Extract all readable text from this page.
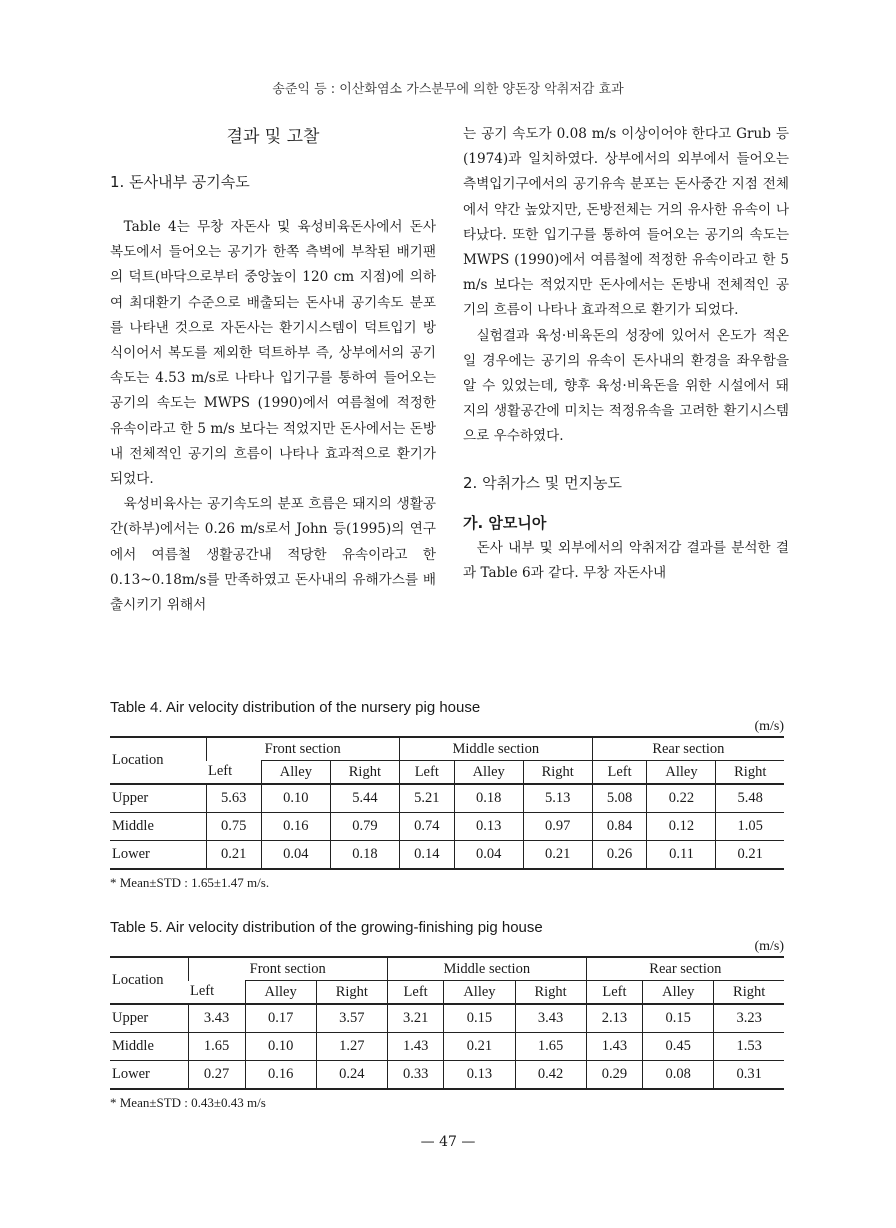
송준익 등 : 이산화염소 가스분무에 의한 양돈장 악취저감 효과
결과 및 고찰
1. 돈사내부 공기속도

Table 4는 무창 자돈사 및 육성비육돈사에서 돈사 복도에서 들어오는 공기가 한쪽 측벽에 부착된 배기팬의 덕트(바닥으로부터 중앙높이 120 cm 지점)에 의하여 최대환기 수준으로 배출되는 돈사내 공기속도 분포를 나타낸 것으로 자돈사는 환기시스템이 덕트입기 방식이어서 복도를 제외한 덕트하부 즉, 상부에서의 공기속도는 4.53 m/s로 나타나 입기구를 통하여 들어오는 공기의 속도는 MWPS (1990)에서 여름철에 적정한 유속이라고 한 5 m/s 보다는 적었지만 돈사에서는 돈방내 전체적인 공기의 흐름이 나타나 효과적으로 환기가 되었다.

육성비육사는 공기속도의 분포 흐름은 돼지의 생활공간(하부)에서는 0.26 m/s로서 John 등(1995)의 연구에서 여름철 생활공간내 적당한 유속이라고 한 0.13~0.18m/s를 만족하였고 돈사내의 유해가스를 배출시키기 위해서

는 공기 속도가 0.08 m/s 이상이어야 한다고 Grub 등 (1974)과 일치하였다. 상부에서의 외부에서 들어오는 측벽입기구에서의 공기유속 분포는 돈사중간 지점 전체에서 약간 높았지만, 돈방전체는 거의 유사한 유속이 나타났다. 또한 입기구를 통하여 들어오는 공기의 속도는 MWPS (1990)에서 여름철에 적정한 유속이라고 한 5 m/s 보다는 적었지만 돈사에서는 돈방내 전체적인 공기의 흐름이 나타나 효과적으로 환기가 되었다.

실험결과 육성·비육돈의 성장에 있어서 온도가 적온일 경우에는 공기의 유속이 돈사내의 환경을 좌우함을 알 수 있었는데, 향후 육성·비육돈을 위한 시설에서 돼지의 생활공간에 미치는 적정유속을 고려한 환기시스템으로 우수하였다.

2. 악취가스 및 먼지농도
가. 암모니아

돈사 내부 및 외부에서의 악취저감 결과를 분석한 결과 Table 6과 같다. 무창 자돈사내

Table 4. Air velocity distribution of the nursery pig house
(m/s)
Location	Front section			Middle section			Rear section		
	Left	Alley	Right	Left	Alley	Right	Left	Alley	Right
Upper	5.63	0.10	5.44	5.21	0.18	5.13	5.08	0.22	5.48
Middle	0.75	0.16	0.79	0.74	0.13	0.97	0.84	0.12	1.05
Lower	0.21	0.04	0.18	0.14	0.04	0.21	0.26	0.11	0.21
* Mean±STD : 1.65±1.47 m/s.
Table 5. Air velocity distribution of the growing-finishing pig house
(m/s)
Location	Front section			Middle section			Rear section		
	Left	Alley	Right	Left	Alley	Right	Left	Alley	Right
Upper	3.43	0.17	3.57	3.21	0.15	3.43	2.13	0.15	3.23
Middle	1.65	0.10	1.27	1.43	0.21	1.65	1.43	0.45	1.53
Lower	0.27	0.16	0.24	0.33	0.13	0.42	0.29	0.08	0.31
* Mean±STD : 0.43±0.43 m/s
— 47 —
